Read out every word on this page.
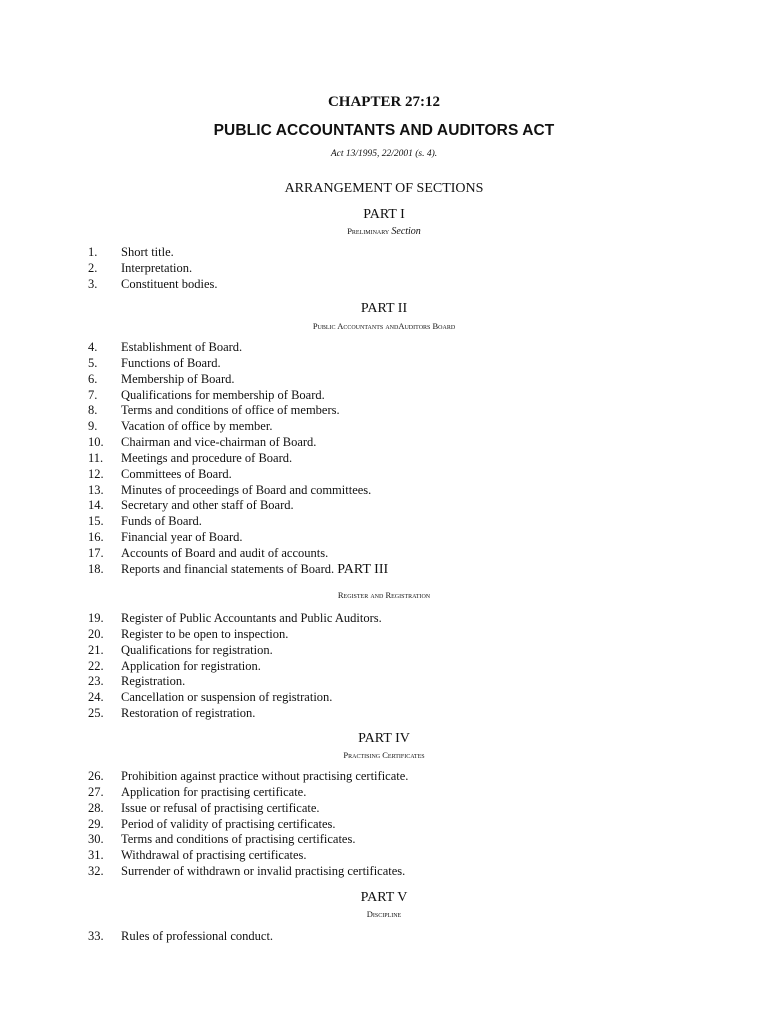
CHAPTER 27:12
PUBLIC ACCOUNTANTS AND AUDITORS ACT
Act 13/1995, 22/2001 (s. 4).
ARRANGEMENT OF SECTIONS
PART I
Preliminary Section
1. Short title.
2. Interpretation.
3. Constituent bodies.
PART II
Public Accountants andAuditors Board
4. Establishment of Board.
5. Functions of Board.
6. Membership of Board.
7. Qualifications for membership of Board.
8. Terms and conditions of office of members.
9. Vacation of office by member.
10. Chairman and vice-chairman of Board.
11. Meetings and procedure of Board.
12. Committees of Board.
13. Minutes of proceedings of Board and committees.
14. Secretary and other staff of Board.
15. Funds of Board.
16. Financial year of Board.
17. Accounts of Board and audit of accounts.
18. Reports and financial statements of Board. PART III
Register and Registration
19. Register of Public Accountants and Public Auditors.
20. Register to be open to inspection.
21. Qualifications for registration.
22. Application for registration.
23. Registration.
24. Cancellation or suspension of registration.
25. Restoration of registration.
PART IV
Practising Certificates
26. Prohibition against practice without practising certificate.
27. Application for practising certificate.
28. Issue or refusal of practising certificate.
29. Period of validity of practising certificates.
30. Terms and conditions of practising certificates.
31. Withdrawal of practising certificates.
32. Surrender of withdrawn or invalid practising certificates.
PART V
Discipline
33. Rules of professional conduct.
